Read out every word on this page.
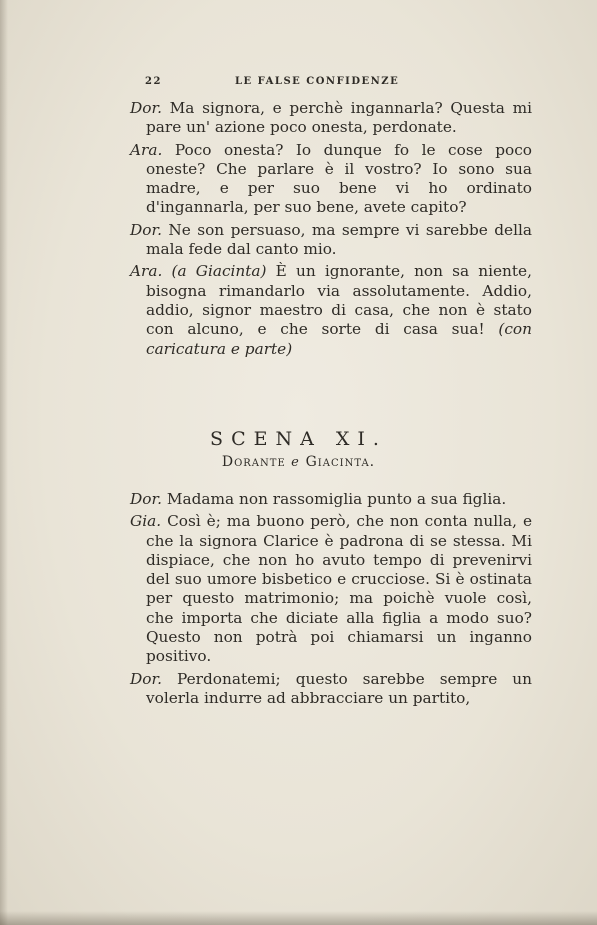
22	LE FALSE CONFIDENZE

Dor. Ma signora, e perchè ingannarla? Questa mi pare un' azione poco onesta, perdonate.

Ara. Poco onesta? Io dunque fo le cose poco oneste? Che parlare è il vostro? Io sono sua madre, e per suo bene vi ho ordinato d'ingannarla, per suo bene, avete capito?

Dor. Ne son persuaso, ma sempre vi sarebbe della mala fede dal canto mio.

Ara. (a Giacinta) È un ignorante, non sa niente, bisogna rimandarlo via assolutamente. Addio, addio, signor maestro di casa, che non è stato con alcuno, e che sorte di casa sua! (con caricatura e parte)

SCENA XI.
Dorante e Giacinta.

Dor. Madama non rassomiglia punto a sua figlia.

Gia. Così è; ma buono però, che non conta nulla, e che la signora Clarice è padrona di se stessa. Mi dispiace, che non ho avuto tempo di prevenirvi del suo umore bisbetico e crucciose. Si è ostinata per questo matrimonio; ma poichè vuole così, che importa che diciate alla figlia a modo suo? Questo non potrà poi chiamarsi un inganno positivo.

Dor. Perdonatemi; questo sarebbe sempre un volerla indurre ad abbracciare un partito,
